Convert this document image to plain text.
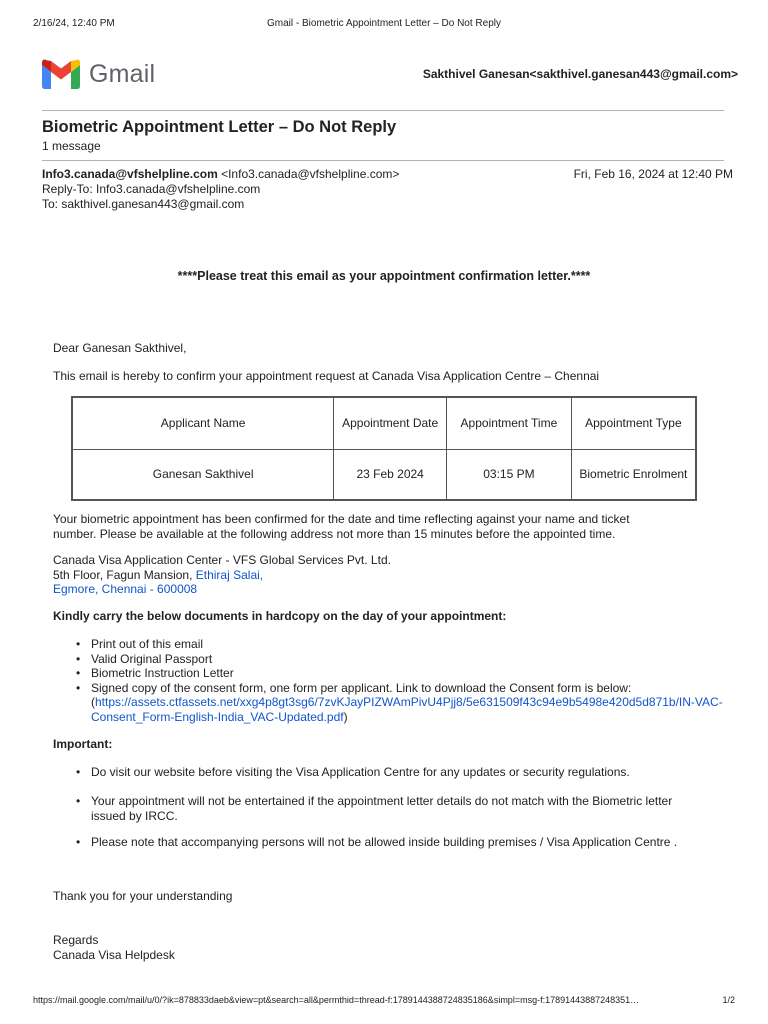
2/16/24, 12:40 PM	Gmail - Biometric Appointment Letter – Do Not Reply
Gmail	Sakthivel Ganesan<sakthivel.ganesan443@gmail.com>
Biometric Appointment Letter – Do Not Reply
1 message
Info3.canada@vfshelpline.com <Info3.canada@vfshelpline.com>	Fri, Feb 16, 2024 at 12:40 PM
Reply-To: Info3.canada@vfshelpline.com
To: sakthivel.ganesan443@gmail.com
****Please treat this email as your appointment confirmation letter.****
Dear Ganesan Sakthivel,
This email is hereby to confirm your appointment request at Canada Visa Application Centre – Chennai
Applicant Name	Appointment Date	Appointment Time	Appointment Type
Ganesan Sakthivel	23 Feb 2024	03:15 PM	Biometric Enrolment
Your biometric appointment has been confirmed for the date and time reflecting against your name and ticket number. Please be available at the following address not more than 15 minutes before the appointed time.
Canada Visa Application Center - VFS Global Services Pvt. Ltd.
5th Floor, Fagun Mansion, Ethiraj Salai,
Egmore, Chennai - 600008
Kindly carry the below documents in hardcopy on the day of your appointment:
• Print out of this email
• Valid Original Passport
• Biometric Instruction Letter
• Signed copy of the consent form, one form per applicant. Link to download the Consent form is below:
(https://assets.ctfassets.net/xxg4p8gt3sg6/7zvKJayPIZWAmPivU4Pjj8/5e631509f43c94e9b5498e420d5d871b/IN-VAC-Consent_Form-English-India_VAC-Updated.pdf)
Important:
• Do visit our website before visiting the Visa Application Centre for any updates or security regulations.
• Your appointment will not be entertained if the appointment letter details do not match with the Biometric letter issued by IRCC.
• Please note that accompanying persons will not be allowed inside building premises / Visa Application Centre .
Thank you for your understanding
Regards
Canada Visa Helpdesk
https://mail.google.com/mail/u/0/?ik=878833daeb&view=pt&search=all&permthid=thread-f:1789144388724835186&simpl=msg-f:17891443887248351…	1/2
